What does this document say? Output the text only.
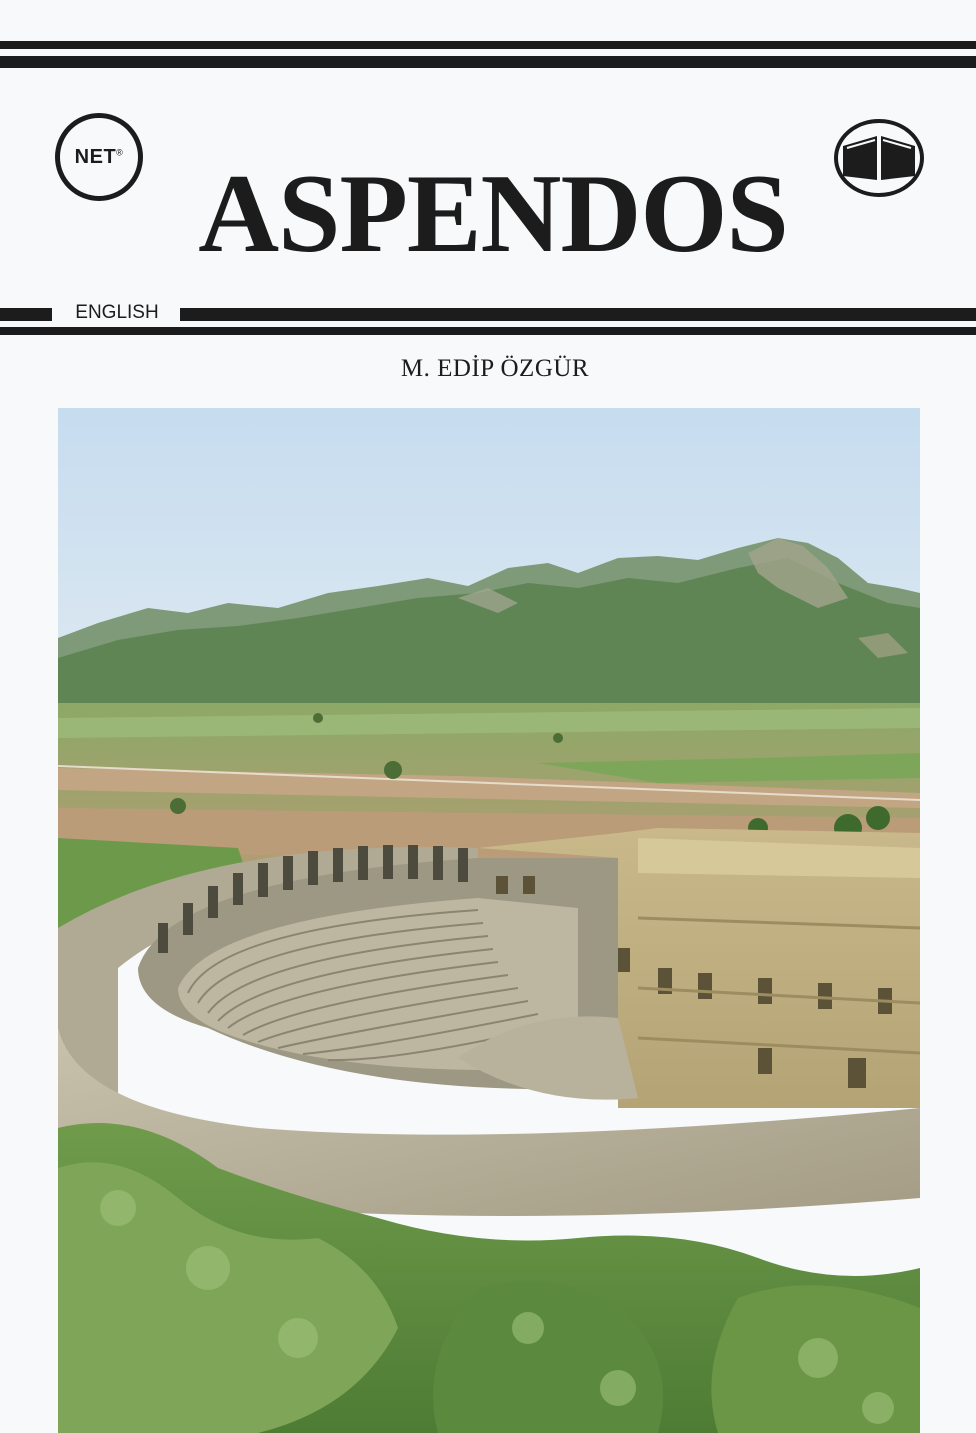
NET®
ASPENDOS
ENGLISH
M. EDİP ÖZGÜR
